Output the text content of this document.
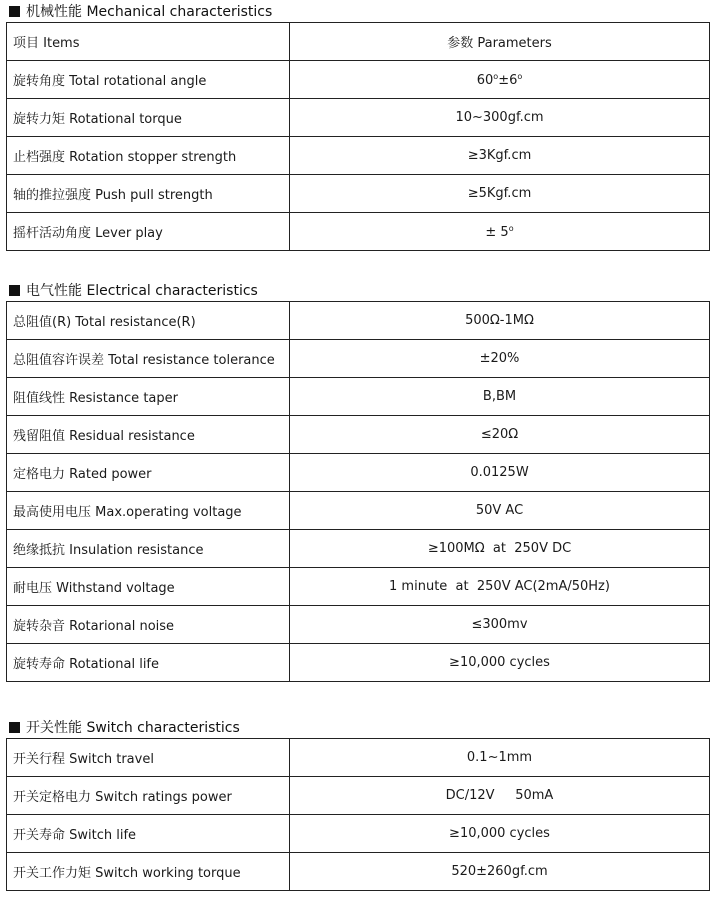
机械性能 Mechanical characteristics
项目 Items	参数 Parameters
旋转角度 Total rotational angle	$60^o\pm 6^o$
旋转力矩 Rotational torque	10~300gf.cm
止档强度 Rotation stopper strength	≥3Kgf.cm
轴的推拉强度 Push pull strength	≥5Kgf.cm
摇杆活动角度 Lever play	± $5^o$
电气性能 Electrical characteristics
总阻值(R) Total resistance(R)	500Ω-1MΩ
总阻值容许误差 Total resistance tolerance	±20%
阻值线性 Resistance taper	B,BM
残留阻值 Residual resistance	≤20Ω
定格电力 Rated power	0.0125W
最高使用电压 Max.operating voltage	50V AC
绝缘抵抗 Insulation resistance	≥100MΩ  at  250V DC
耐电压 Withstand voltage	1 minute  at  250V AC(2mA/50Hz)
旋转杂音 Rotarional noise	≤300mv
旋转寿命 Rotational life	≥10,000 cycles
开关性能 Switch characteristics
开关行程 Switch travel	0.1~1mm
开关定格电力 Switch ratings power	DC/12V     50mA
开关寿命 Switch life	≥10,000 cycles
开关工作力矩 Switch working torque	520±260gf.cm
